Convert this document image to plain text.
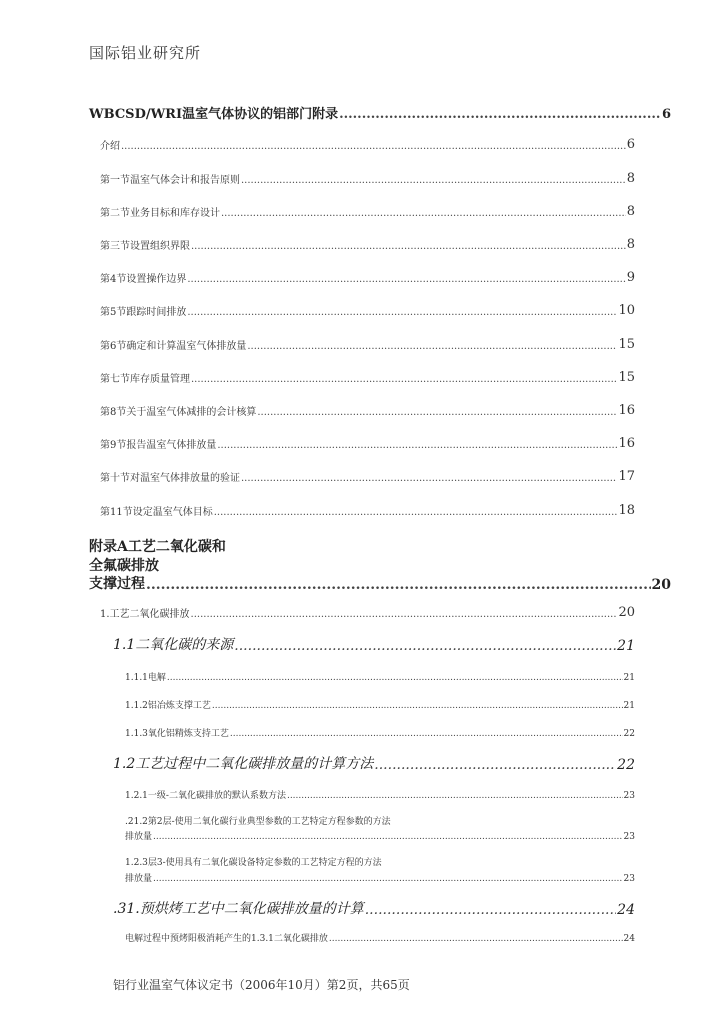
国际铝业研究所
WBCSD/WRI温室气体协议的铝部门附录 .....	6
介绍 .....	6
第一节温室气体会计和报告原则 .....	8
第二节业务目标和库存设计 .....	8
第三节设置组织界限 .....	8
第4节设置操作边界 .....	9
第5节跟踪时间排放 .....	10
第6节确定和计算温室气体排放量 .....	15
第七节库存质量管理 .....	15
第8节关于温室气体减排的会计核算 .....	16
第9节报告温室气体排放量 .....	16
第十节对温室气体排放量的验证 .....	17
第11节设定温室气体目标 .....	18
附录A工艺二氧化碳和
全氟碳排放
支撑过程 .....	20
1.工艺二氧化碳排放 .....	20
1.1二氧化碳的来源 .....	21
1.1.1电解 .....	21
1.1.2铝冶炼支撑工艺 .....	21
1.1.3氧化铝精炼支持工艺 .....	22
1.2工艺过程中二氧化碳排放量的计算方法 .....	22
1.2.1一级-二氧化碳排放的默认系数方法 .....	23
.21.2第2层-使用二氧化碳行业典型参数的工艺特定方程参数的方法
排放量 .....	23
1.2.3层3-使用具有二氧化碳设备特定参数的工艺特定方程的方法
排放量 .....	23
.31.预烘烤工艺中二氧化碳排放量的计算 .....	24
电解过程中预烤阳极消耗产生的1.3.1二氧化碳排放 .....	24
铝行业温室气体议定书（2006年10月）第2页，共65页
